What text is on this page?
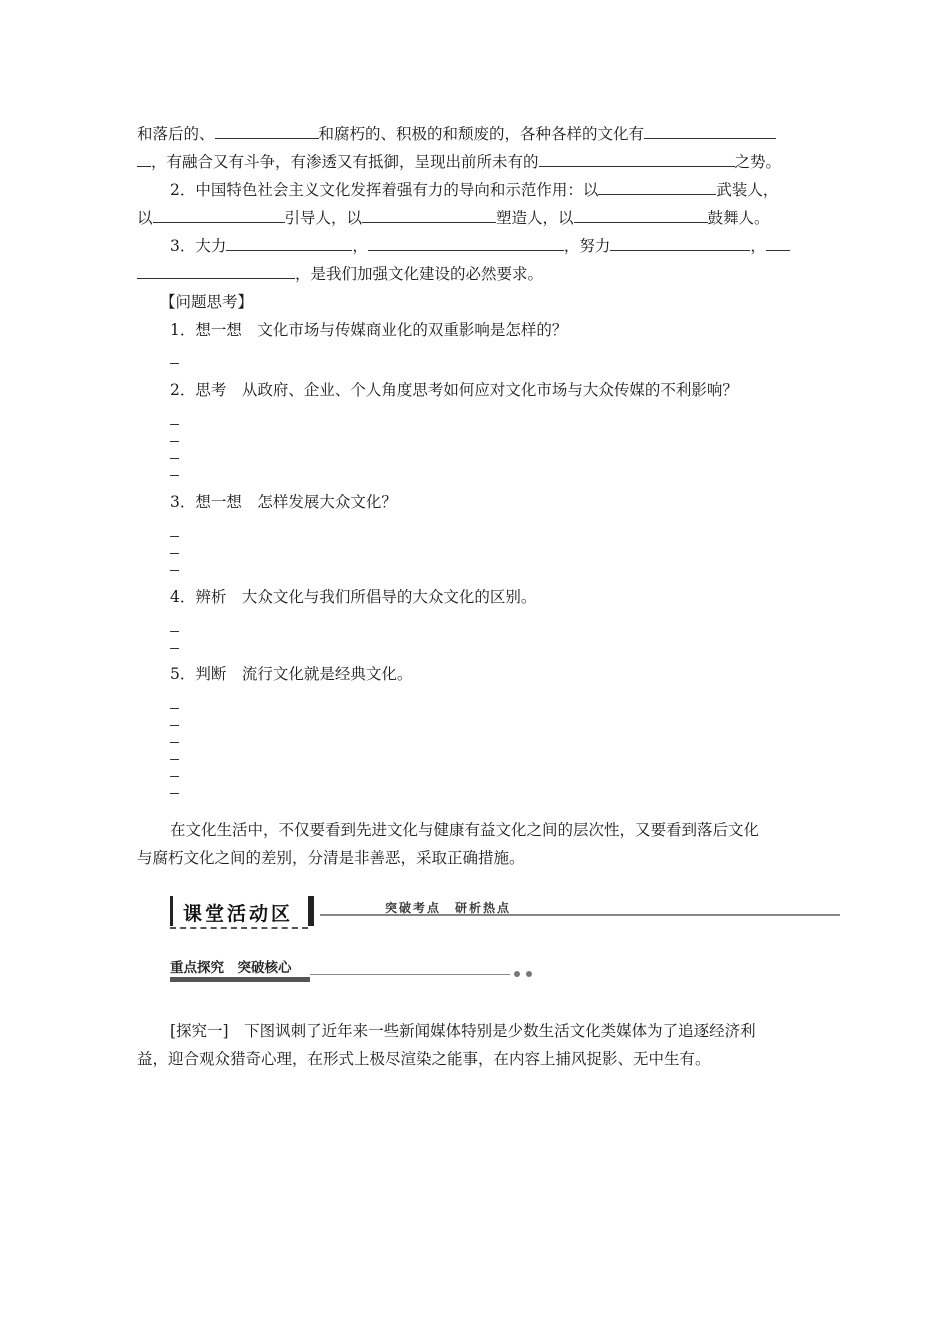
和落后的、	和腐朽的、积极的和颓废的，各种各样的文化有
，有融合又有斗争，有渗透又有抵御，呈现出前所未有的	之势。
2．中国特色社会主义文化发挥着强有力的导向和示范作用：以	武装人，
以	引导人，以	塑造人，以	鼓舞人。
3．大力	，	，努力	，
，是我们加强文化建设的必然要求。
【问题思考】
1．想一想　文化市场与传媒商业化的双重影响是怎样的？
2．思考　从政府、企业、个人角度思考如何应对文化市场与大众传媒的不利影响？
3．想一想　怎样发展大众文化？
4．辨析　大众文化与我们所倡导的大众文化的区别。
5．判断　流行文化就是经典文化。
在文化生活中，不仅要看到先进文化与健康有益文化之间的层次性，又要看到落后文化
与腐朽文化之间的差别，分清是非善恶，采取正确措施。
课堂活动区	突破考点　研析热点
重点探究　突破核心
[探究一]　下图讽刺了近年来一些新闻媒体特别是少数生活文化类媒体为了追逐经济利
益，迎合观众猎奇心理，在形式上极尽渲染之能事，在内容上捕风捉影、无中生有。
